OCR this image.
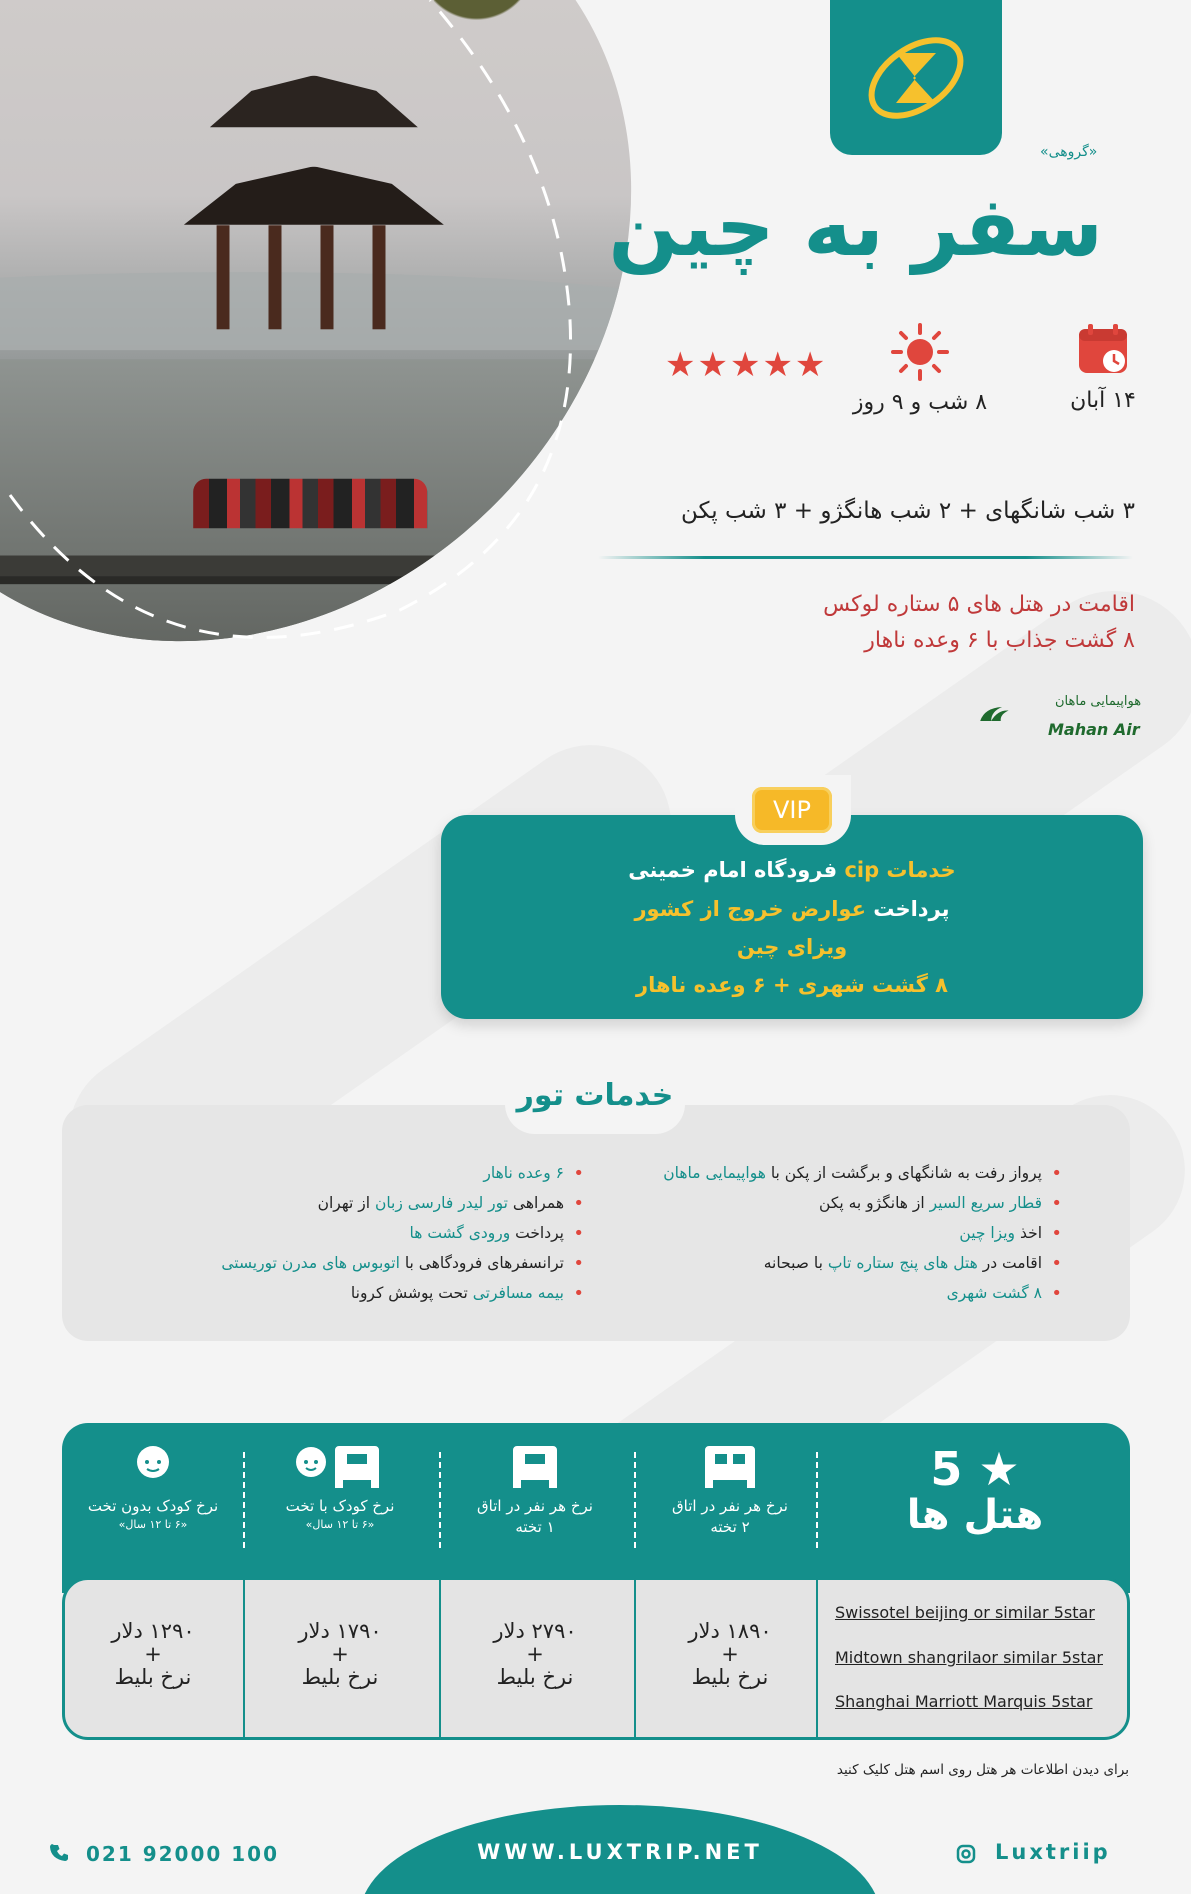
«گروهی»
سفر به چین
۱۴ آبان
۸ شب و ۹ روز
★★★★★
۳ شب شانگهای + ۲ شب هانگژو + ۳ شب پکن
اقامت در هتل های ۵ ستاره لوکس
۸ گشت جذاب با ۶ وعده ناهار
هواپیمایی ماهان
Mahan Air
VIP
خدمات cip فرودگاه امام خمینی
پرداخت عوارض خروج از کشور
ویزای چین
۸ گشت شهری + ۶ وعده ناهار
خدمات تور
پرواز رفت به شانگهای و برگشت از پکن با هواپیمایی ماهان •
قطار سریع السیر از هانگژو به پکن •
اخذ ویزا چین •
اقامت در هتل های پنج ستاره تاپ با صبحانه •
۸ گشت شهری •
۶ وعده ناهار •
همراهی تور لیدر فارسی زبان از تهران •
پرداخت ورودی گشت ها •
ترانسفرهای فرودگاهی با اتوبوس های مدرن توریستی •
بیمه مسافرتی تحت پوشش کرونا •
5 ★
هتل ها
نرخ هر نفر در اتاق
۲ تخته
نرخ هر نفر در اتاق
۱ تخته
نرخ کودک با تخت
«۶ تا ۱۲ سال»
نرخ کودک بدون تخت
«۶ تا ۱۲ سال»
۱۸۹۰ دلار
+
نرخ بلیط
۲۷۹۰ دلار
+
نرخ بلیط
۱۷۹۰ دلار
+
نرخ بلیط
۱۲۹۰ دلار
+
نرخ بلیط
Swissotel beijing or similar 5star
Midtown shangrilaor similar 5star
Shanghai Marriott Marquis 5star
برای دیدن اطلاعات هر هتل روی اسم هتل کلیک کنید
WWW.LUXTRIP.NET
021 92000 100	Luxtriip
